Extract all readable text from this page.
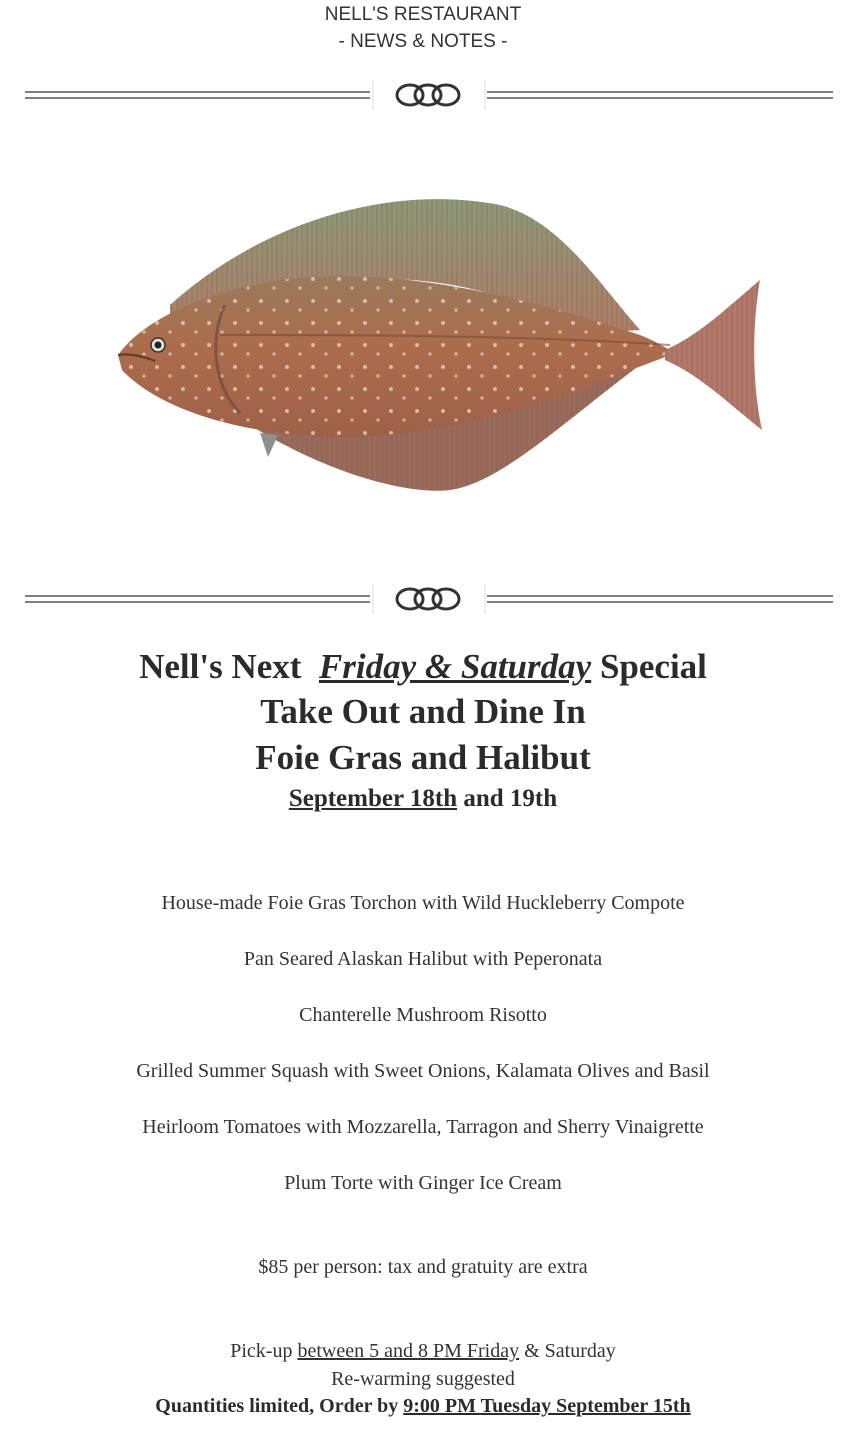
NELL'S RESTAURANT
- NEWS & NOTES -
Nell's Next Friday & Saturday Special
Take Out and Dine In
Foie Gras and Halibut
September 18th and 19th
House-made Foie Gras Torchon with Wild Huckleberry Compote
Pan Seared Alaskan Halibut with Peperonata
Chanterelle Mushroom Risotto
Grilled Summer Squash with Sweet Onions, Kalamata Olives and Basil
Heirloom Tomatoes with Mozzarella, Tarragon and Sherry Vinaigrette
Plum Torte with Ginger Ice Cream
$85 per person: tax and gratuity are extra
Pick-up between 5 and 8 PM Friday & Saturday
Re-warming suggested
Quantities limited, Order by 9:00 PM Tuesday September 15th
